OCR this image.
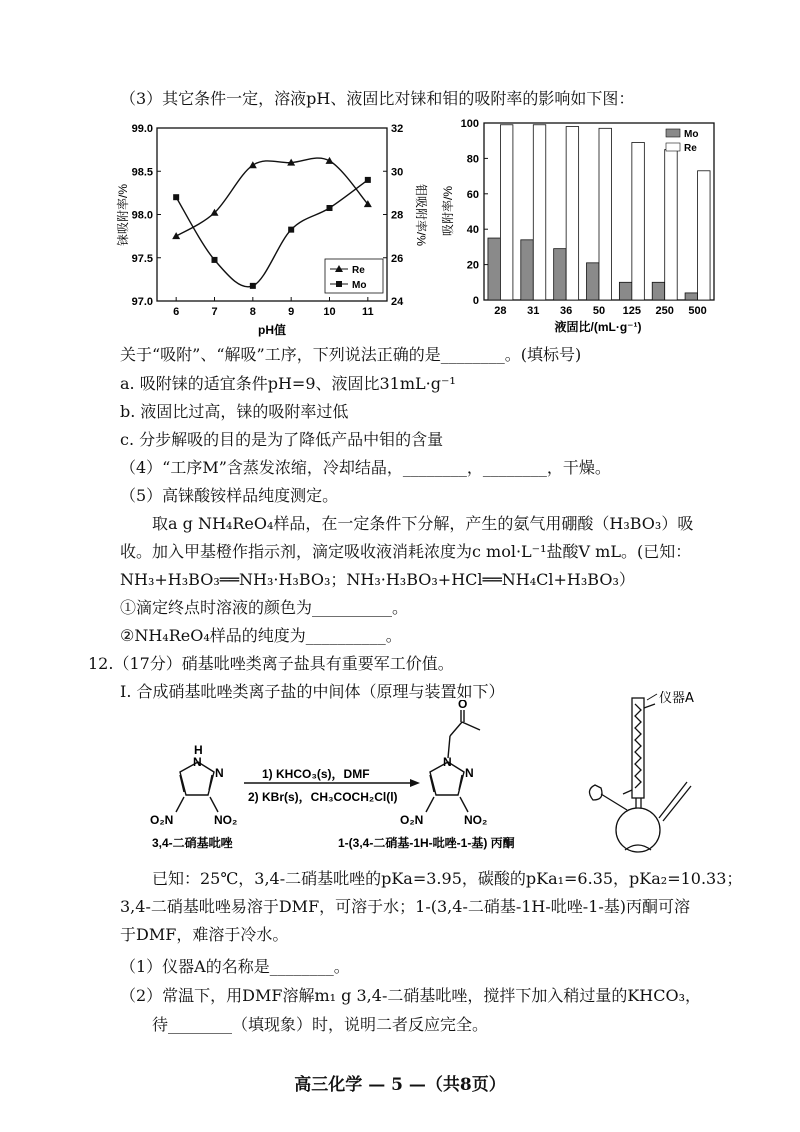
（3）其它条件一定，溶液pH、液固比对铼和钼的吸附率的影响如下图：
97.0
97.5
98.0
98.5
99.0
24
26
28
30
32
6	7	8	9	10 11
铼吸附率/%	钼吸附率/%
pH值
Re
Mo
0
20
40
60
80
100
28 31 36 50 125 250 500
吸附率/%
液固比/(mL·g⁻¹)
Mo
Re
关于“吸附”、“解吸”工序，下列说法正确的是________。(填标号)
a. 吸附铼的适宜条件pH=9、液固比31mL·g⁻¹
b. 液固比过高，铼的吸附率过低
c. 分步解吸的目的是为了降低产品中钼的含量
（4）“工序M”含蒸发浓缩，冷却结晶，________，________，干燥。
（5）高铼酸铵样品纯度测定。
取a g NH₄ReO₄样品，在一定条件下分解，产生的氨气用硼酸（H₃BO₃）吸
收。加入甲基橙作指示剂，滴定吸收液消耗浓度为c mol·L⁻¹盐酸V mL。(已知：
NH₃+H₃BO₃══NH₃·H₃BO₃；NH₃·H₃BO₃+HCl══NH₄Cl+H₃BO₃）
①滴定终点时溶液的颜色为__________。
②NH₄ReO₄样品的纯度为__________。
12.（17分）硝基吡唑类离子盐具有重要军工价值。
I. 合成硝基吡唑类离子盐的中间体（原理与装置如下）
H
N
N
O₂N	NO₂
3,4-二硝基吡唑
1) KHCO₃(s)，DMF
2) KBr(s)，CH₃COCH₂Cl(l)
O
N
N
O₂N	NO₂
1-(3,4-二硝基-1H-吡唑-1-基) 丙酮
仪器A
已知：25℃，3,4-二硝基吡唑的pKa=3.95，碳酸的pKa₁=6.35，pKa₂=10.33；
3,4-二硝基吡唑易溶于DMF，可溶于水；1-(3,4-二硝基-1H-吡唑-1-基)丙酮可溶
于DMF，难溶于冷水。
（1）仪器A的名称是________。
（2）常温下，用DMF溶解m₁ g 3,4-二硝基吡唑，搅拌下加入稍过量的KHCO₃，
待________（填现象）时，说明二者反应完全。
高三化学 — 5 —（共8页）
